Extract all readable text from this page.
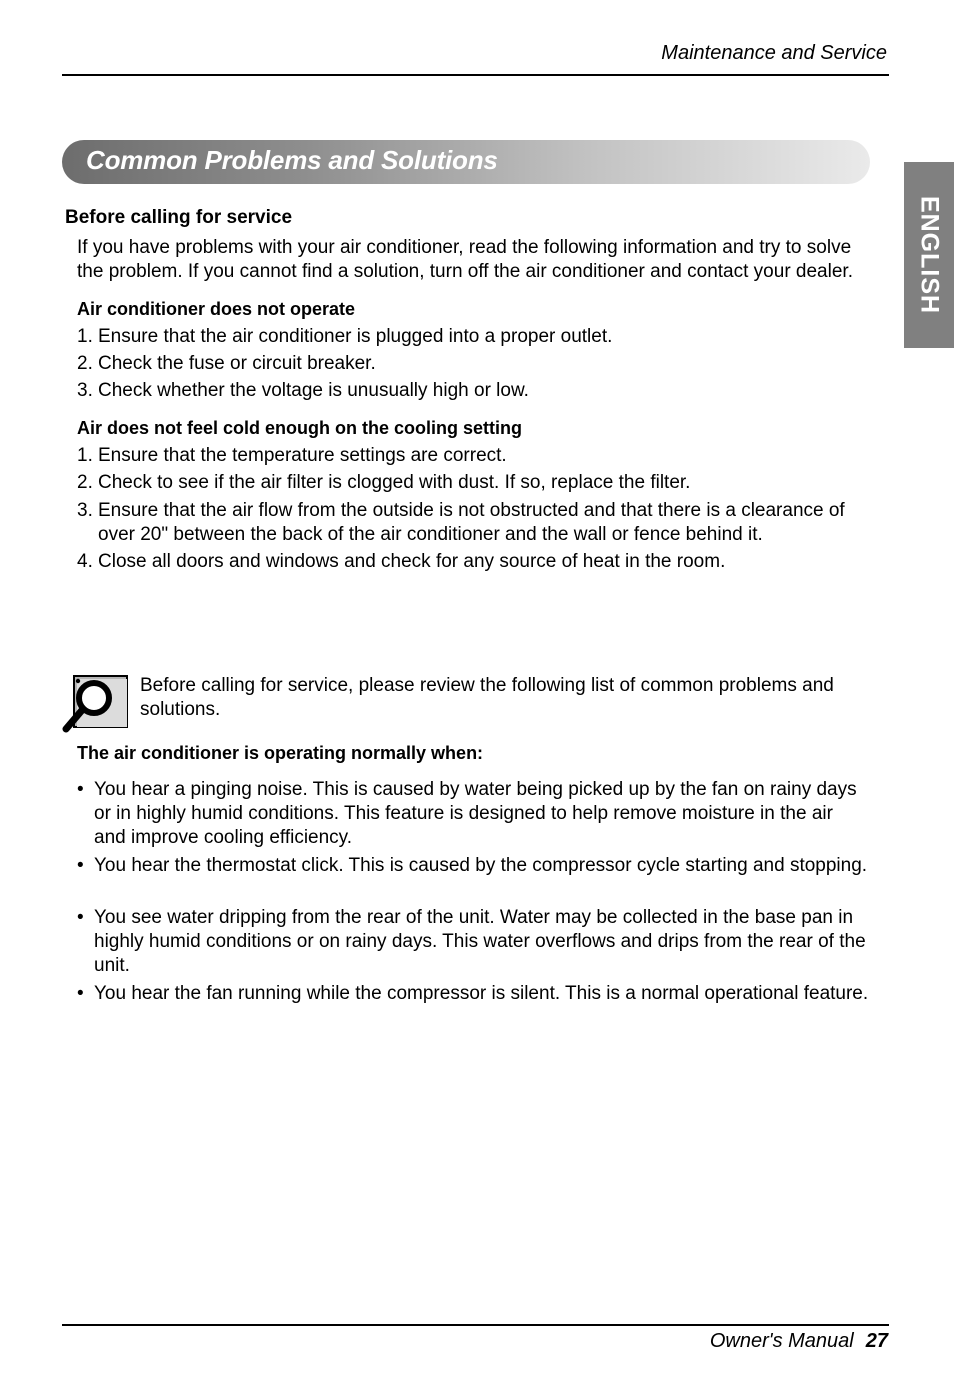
Maintenance and Service
Common Problems and Solutions
ENGLISH
Before calling for service
If you have problems with your air conditioner, read the following information and try to solve the problem. If you cannot find a solution, turn off the air conditioner and contact your dealer.
Air conditioner does not operate
1. Ensure that the air conditioner is plugged into a proper outlet.
2. Check the fuse or circuit breaker.
3. Check whether the voltage is unusually high or low.
Air does not feel cold enough on the cooling setting
1. Ensure that the temperature settings are correct.
2. Check to see if the air filter is clogged with dust. If so, replace the filter.
3. Ensure that the air flow from the outside is not obstructed and that there is a clearance of over 20" between the back of the air conditioner and the wall or fence behind it.
4. Close all doors and windows and check for any source of heat in the room.
Before calling for service, please review the following list of common problems and solutions.
The air conditioner is operating normally when:
• You hear a pinging noise. This is caused by water being picked up by the fan on rainy days or in highly humid conditions. This feature is designed to help remove moisture in the air and improve cooling efficiency.
• You hear the thermostat click. This is caused by the compressor cycle starting and stopping.
• You see water dripping from the rear of the unit. Water may be collected in the base pan in highly humid conditions or on rainy days. This water overflows and drips from the rear of the unit.
• You hear the fan running while the compressor is silent. This is a normal operational feature.
Owner's Manual 27
